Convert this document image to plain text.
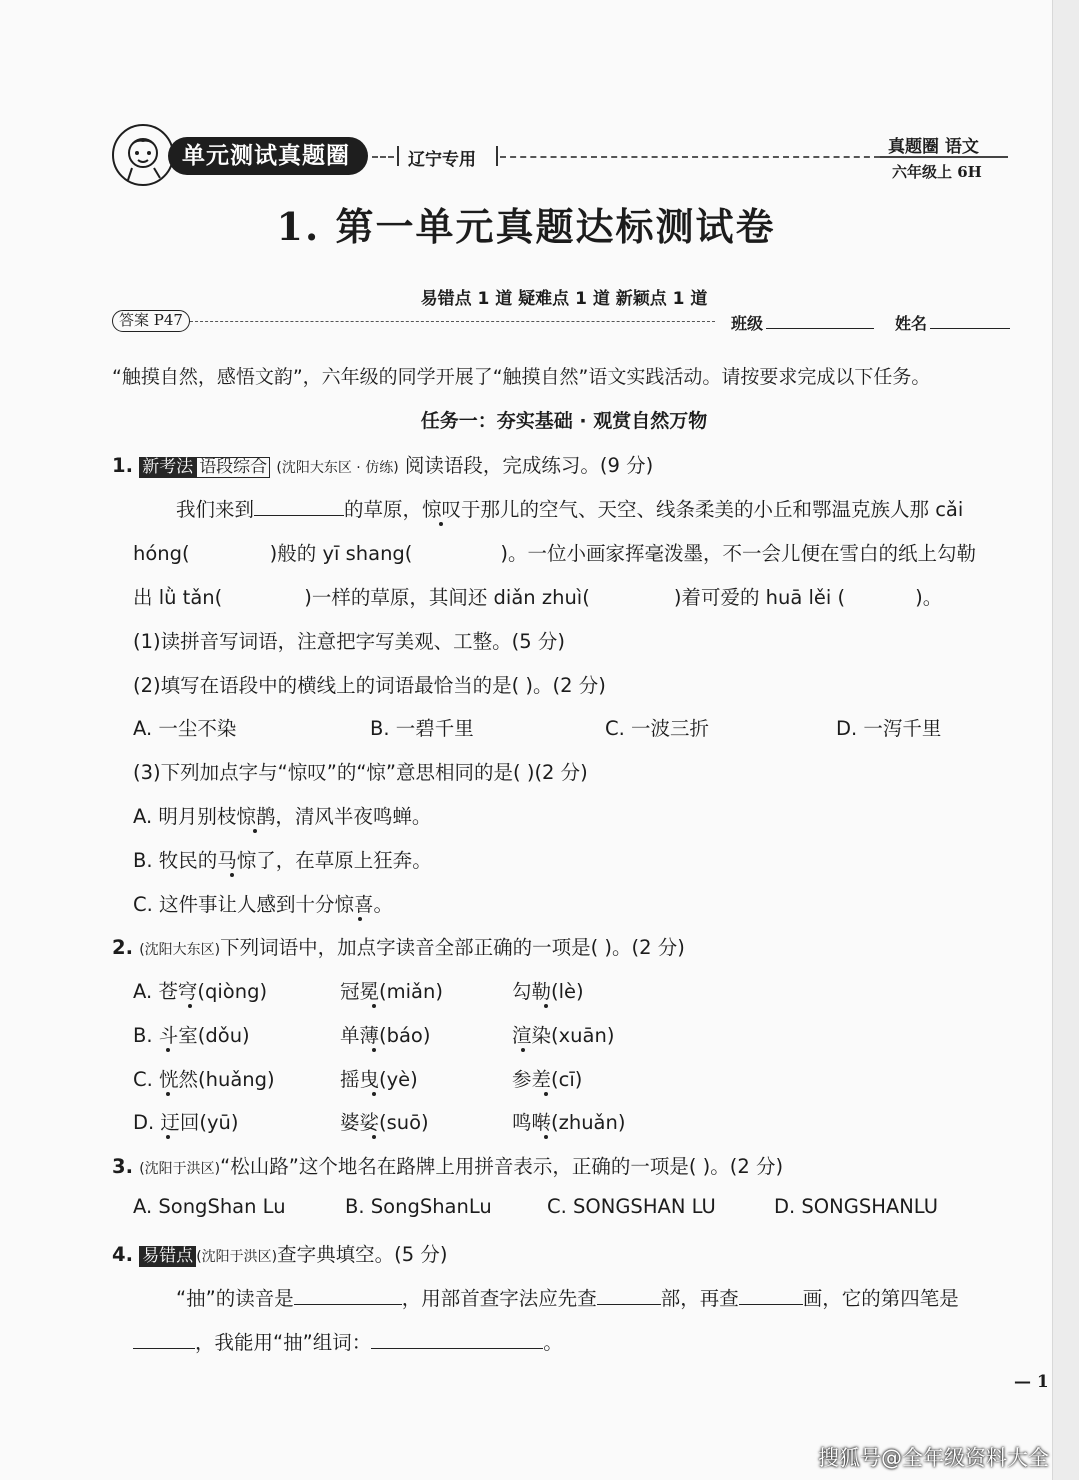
单元测试真题圈	辽宁专用
真题圈 语文
六年级上 6H
1. 第一单元真题达标测试卷
易错点 1 道 疑难点 1 道 新颖点 1 道
答案 P47	班级	姓名
“触摸自然，感悟文韵”，六年级的同学开展了“触摸自然”语文实践活动。请按要求完成以下任务。
任务一：夯实基础 · 观赏自然万物
1. 新考法 语段综合 (沈阳大东区 · 仿练) 阅读语段，完成练习。(9 分)
我们来到	的草原，惊叹于那儿的空气、天空、线条柔美的小丘和鄂温克族人那 cǎi
hóng(	)般的 yī shang(	)。一位小画家挥毫泼墨，不一会儿便在雪白的纸上勾勒
出 lǜ tǎn(	)一样的草原，其间还 diǎn zhuì(	)着可爱的 huā lěi (	)。
(1)读拼音写词语，注意把字写美观、工整。(5 分)
(2)填写在语段中的横线上的词语最恰当的是( )。(2 分)
A. 一尘不染	B. 一碧千里	C. 一波三折	D. 一泻千里
(3)下列加点字与“惊叹”的“惊”意思相同的是( )(2 分)
A. 明月别枝惊鹊，清风半夜鸣蝉。
B. 牧民的马惊了，在草原上狂奔。
C. 这件事让人感到十分惊喜。
2. (沈阳大东区)下列词语中，加点字读音全部正确的一项是( )。(2 分)
A. 苍穹(qiòng)	冠冕(miǎn)	勾勒(lè)
B. 斗室(dǒu)	单薄(báo)	渲染(xuān)
C. 恍然(huǎng)	摇曳(yè)	参差(cī)
D. 迂回(yū)	婆娑(suō)	鸣啭(zhuǎn)
3. (沈阳于洪区)“松山路”这个地名在路牌上用拼音表示，正确的一项是( )。(2 分)
A. SongShan Lu	B. SongShanLu	C. SONGSHAN LU	D. SONGSHANLU
4. 易错点 (沈阳于洪区)查字典填空。(5 分)
“抽”的读音是	，用部首查字法应先查	部，再查	画，它的第四笔是
，我能用“抽”组词：	。
— 1
搜狐号@全年级资料大全
